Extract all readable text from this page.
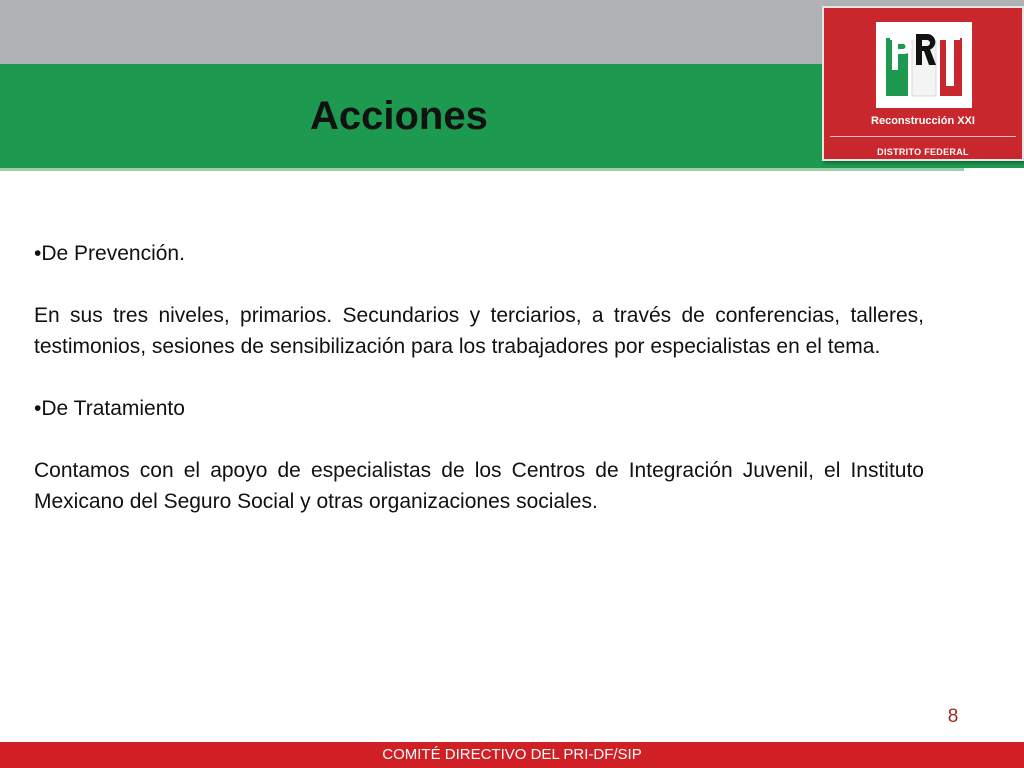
Acciones	Reconstrucción XXI
DISTRITO FEDERAL

•De Prevención.

En sus tres niveles, primarios. Secundarios y terciarios, a través de conferencias, talleres, testimonios, sesiones de sensibilización para los trabajadores por especialistas en el tema.

•De Tratamiento

Contamos con el apoyo de especialistas de los Centros de Integración Juvenil, el Instituto Mexicano del Seguro Social y otras organizaciones sociales.

8
COMITÉ DIRECTIVO DEL PRI-DF/SIP
